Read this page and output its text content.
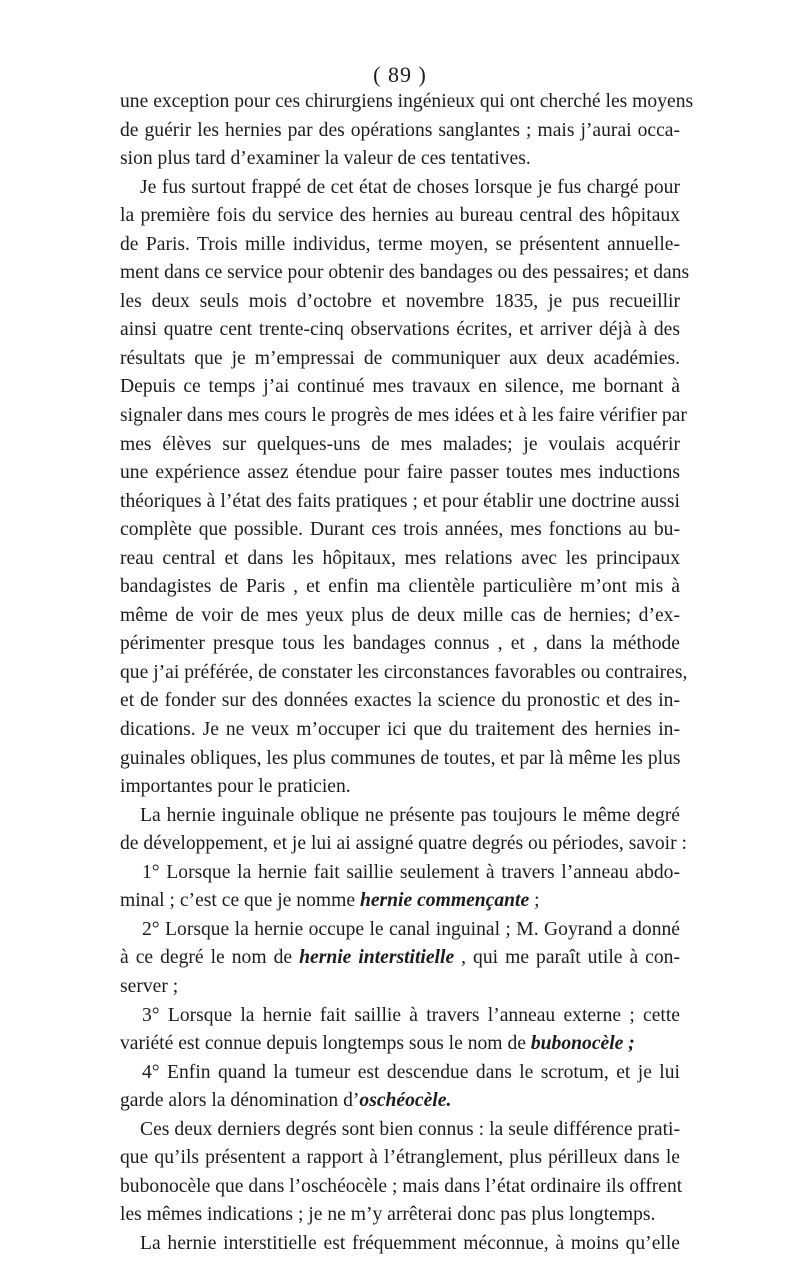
( 89 )
une exception pour ces chirurgiens ingénieux qui ont cherché les moyens
de guérir les hernies par des opérations sanglantes ; mais j’aurai occa-
sion plus tard d’examiner la valeur de ces tentatives.
Je fus surtout frappé de cet état de choses lorsque je fus chargé pour
la première fois du service des hernies au bureau central des hôpitaux
de Paris. Trois mille individus, terme moyen, se présentent annuelle-
ment dans ce service pour obtenir des bandages ou des pessaires; et dans
les deux seuls mois d’octobre et novembre 1835, je pus recueillir
ainsi quatre cent trente-cinq observations écrites, et arriver déjà à des
résultats que je m’empressai de communiquer aux deux académies.
Depuis ce temps j’ai continué mes travaux en silence, me bornant à
signaler dans mes cours le progrès de mes idées et à les faire vérifier par
mes élèves sur quelques-uns de mes malades; je voulais acquérir
une expérience assez étendue pour faire passer toutes mes inductions
théoriques à l’état des faits pratiques ; et pour établir une doctrine aussi
complète que possible. Durant ces trois années, mes fonctions au bu-
reau central et dans les hôpitaux, mes relations avec les principaux
bandagistes de Paris , et enfin ma clientèle particulière m’ont mis à
même de voir de mes yeux plus de deux mille cas de hernies; d’ex-
périmenter presque tous les bandages connus , et , dans la méthode
que j’ai préférée, de constater les circonstances favorables ou contraires,
et de fonder sur des données exactes la science du pronostic et des in-
dications. Je ne veux m’occuper ici que du traitement des hernies in-
guinales obliques, les plus communes de toutes, et par là même les plus
importantes pour le praticien.
La hernie inguinale oblique ne présente pas toujours le même degré
de développement, et je lui ai assigné quatre degrés ou périodes, savoir :
1° Lorsque la hernie fait saillie seulement à travers l’anneau abdo-
minal ; c’est ce que je nomme hernie commençante ;
2° Lorsque la hernie occupe le canal inguinal ; M. Goyrand a donné
à ce degré le nom de hernie interstitielle , qui me paraît utile à con-
server ;
3° Lorsque la hernie fait saillie à travers l’anneau externe ; cette
variété est connue depuis longtemps sous le nom de bubonocèle ;
4° Enfin quand la tumeur est descendue dans le scrotum, et je lui
garde alors la dénomination d’oschéocèle.
Ces deux derniers degrés sont bien connus : la seule différence prati-
que qu’ils présentent a rapport à l’étranglement, plus périlleux dans le
bubonocèle que dans l’oschéocèle ; mais dans l’état ordinaire ils offrent
les mêmes indications ; je ne m’y arrêterai donc pas plus longtemps.
La hernie interstitielle est fréquemment méconnue, à moins qu’elle
